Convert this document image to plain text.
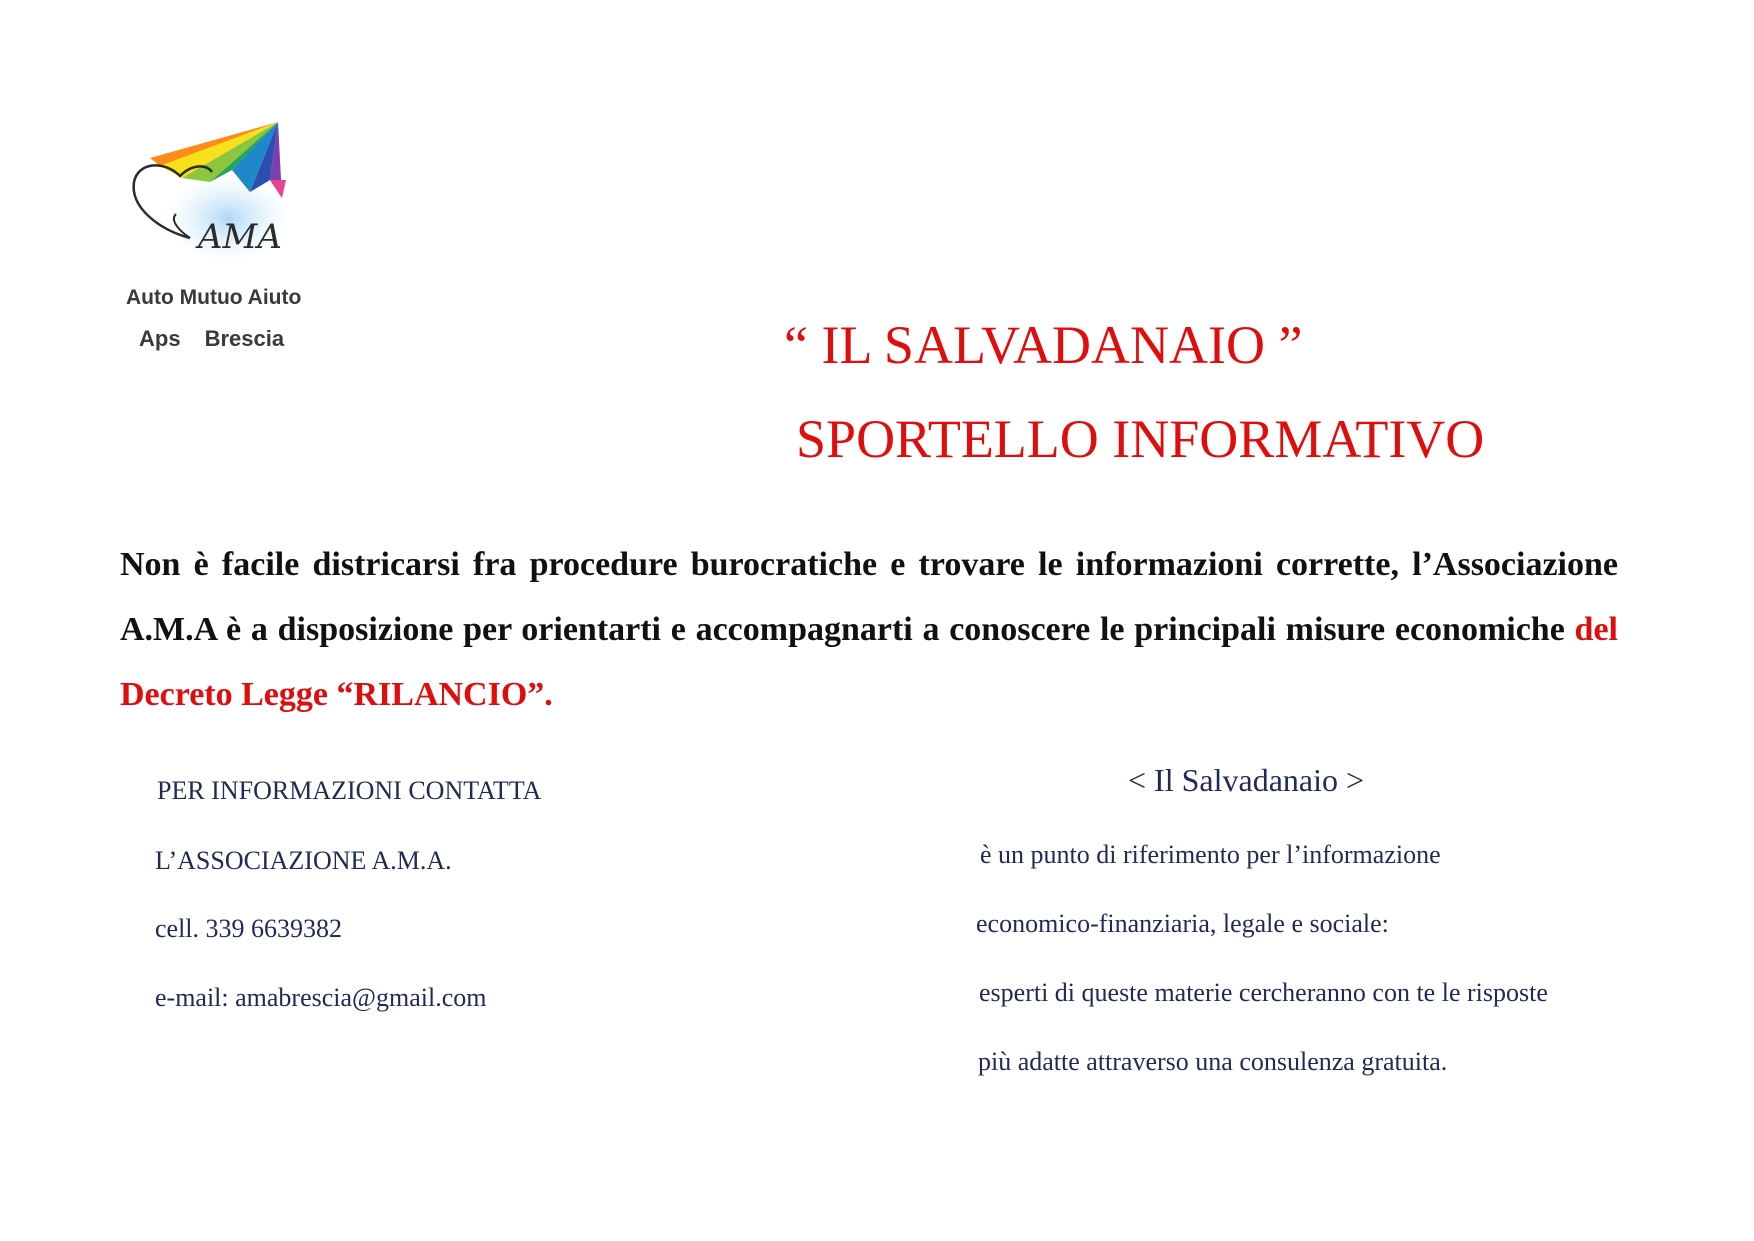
AMA
Auto Mutuo Aiuto
Aps Brescia	“ IL SALVADANAIO ”
SPORTELLO INFORMATIVO
Non è facile districarsi fra procedure burocratiche e trovare le informazioni corrette, l’Associazione A.M.A è a disposizione per orientarti e accompagnarti a conoscere le principali misure economiche del Decreto Legge “RILANCIO”.
PER INFORMAZIONI CONTATTA
L’ASSOCIAZIONE A.M.A.
cell. 339 6639382
e-mail: amabrescia@gmail.com
< Il Salvadanaio >
è un punto di riferimento per l’informazione
economico-finanziaria, legale e sociale:
esperti di queste materie cercheranno con te le risposte
più adatte attraverso una consulenza gratuita.
